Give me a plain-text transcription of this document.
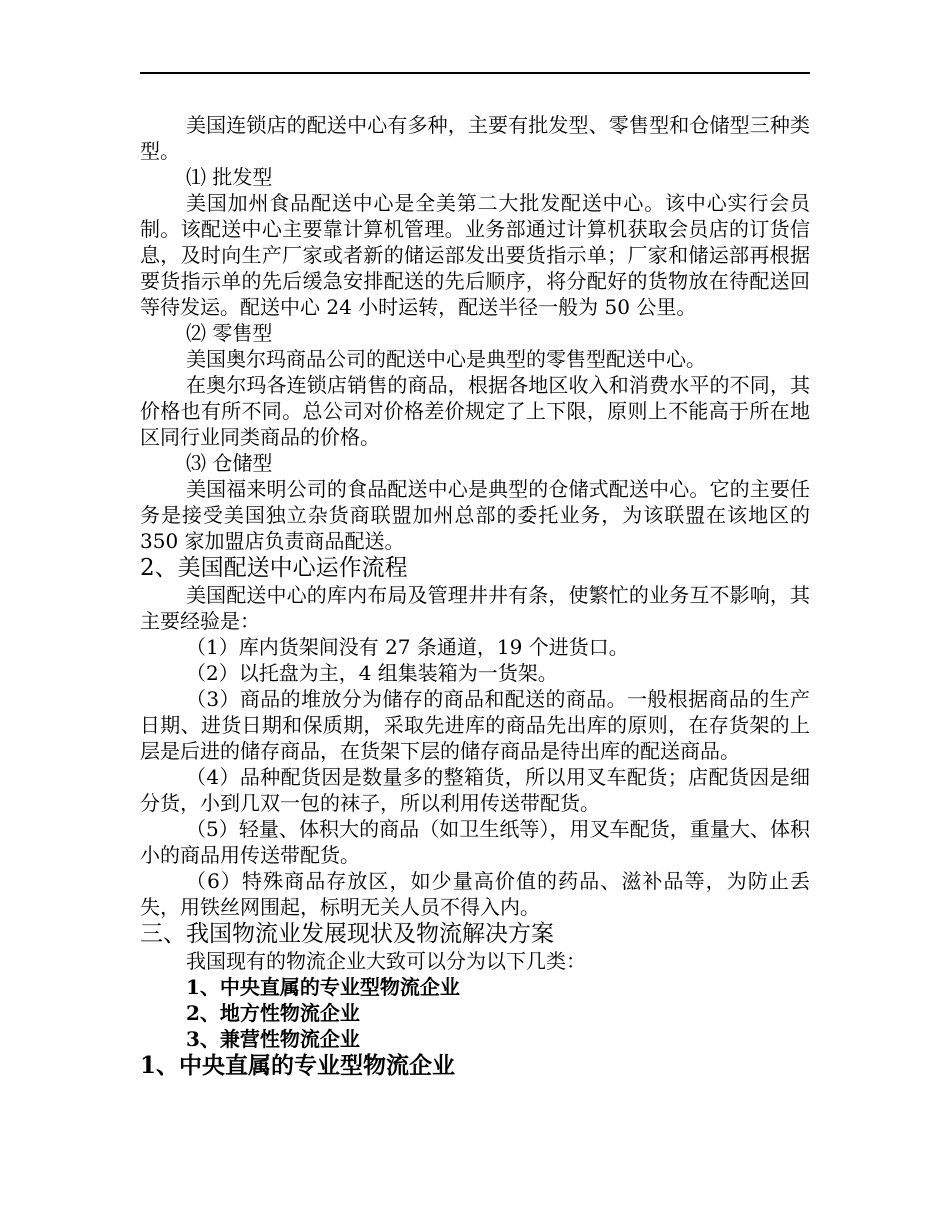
美国连锁店的配送中心有多种，主要有批发型、零售型和仓储型三种类型。

⑴ 批发型

美国加州食品配送中心是全美第二大批发配送中心。该中心实行会员制。该配送中心主要靠计算机管理。业务部通过计算机获取会员店的订货信息，及时向生产厂家或者新的储运部发出要货指示单；厂家和储运部再根据要货指示单的先后缓急安排配送的先后顺序，将分配好的货物放在待配送回等待发运。配送中心 24 小时运转，配送半径一般为 50 公里。

⑵ 零售型

美国奥尔玛商品公司的配送中心是典型的零售型配送中心。

在奥尔玛各连锁店销售的商品，根据各地区收入和消费水平的不同，其价格也有所不同。总公司对价格差价规定了上下限，原则上不能高于所在地区同行业同类商品的价格。

⑶ 仓储型

美国福来明公司的食品配送中心是典型的仓储式配送中心。它的主要任务是接受美国独立杂货商联盟加州总部的委托业务，为该联盟在该地区的 350 家加盟店负责商品配送。

2、美国配送中心运作流程

美国配送中心的库内布局及管理井井有条，使繁忙的业务互不影响，其主要经验是：

（1）库内货架间没有 27 条通道，19 个进货口。

（2）以托盘为主，4 组集装箱为一货架。

（3）商品的堆放分为储存的商品和配送的商品。一般根据商品的生产日期、进货日期和保质期，采取先进库的商品先出库的原则，在存货架的上层是后进的储存商品，在货架下层的储存商品是待出库的配送商品。

（4）品种配货因是数量多的整箱货，所以用叉车配货；店配货因是细分货，小到几双一包的袜子，所以利用传送带配货。

（5）轻量、体积大的商品（如卫生纸等），用叉车配货，重量大、体积小的商品用传送带配货。

（6）特殊商品存放区，如少量高价值的药品、滋补品等，为防止丢失，用铁丝网围起，标明无关人员不得入内。

三、我国物流业发展现状及物流解决方案

我国现有的物流企业大致可以分为以下几类：

1、中央直属的专业型物流企业

2、地方性物流企业

3、兼营性物流企业

1、中央直属的专业型物流企业
